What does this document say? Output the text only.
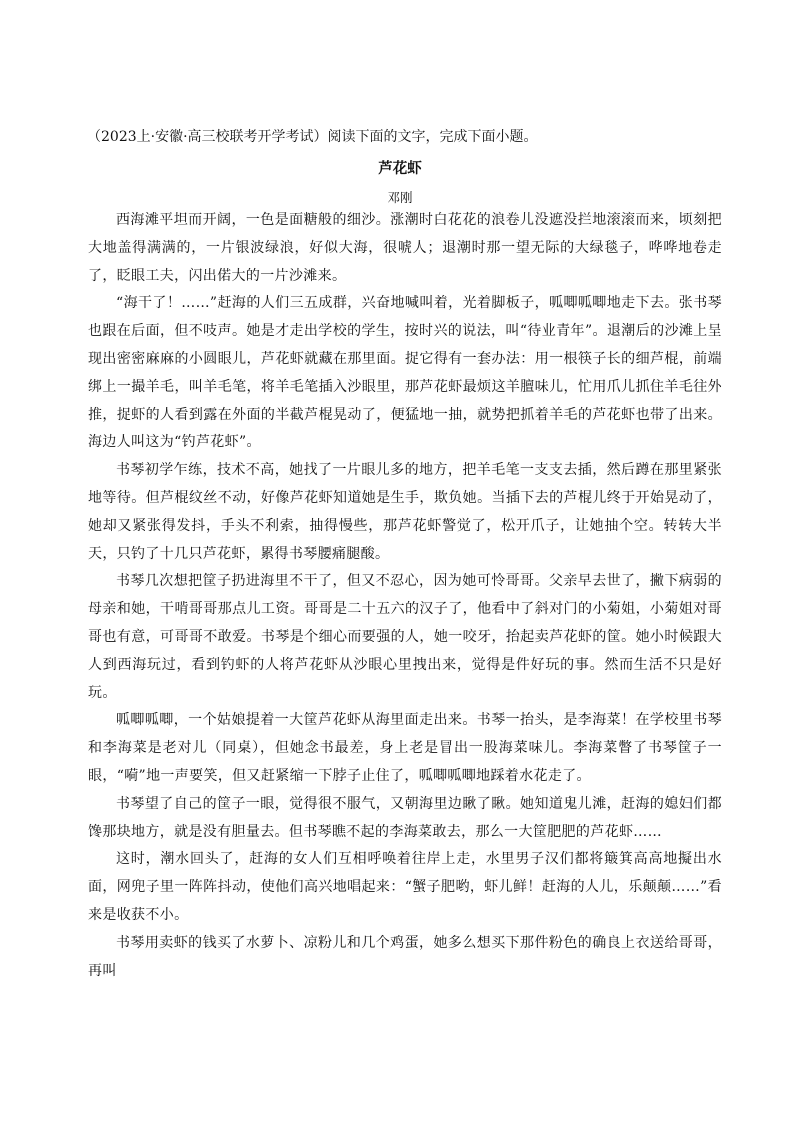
（2023上·安徽·高三校联考开学考试）阅读下面的文字，完成下面小题。
芦花虾
邓刚

西海滩平坦而开阔，一色是面糖般的细沙。涨潮时白花花的浪卷儿没遮没拦地滚滚而来，顷刻把大地盖得满满的，一片银波绿浪，好似大海，很唬人；退潮时那一望无际的大绿毯子，哗哗地卷走了，眨眼工夫，闪出偌大的一片沙滩来。

“海干了！……”赶海的人们三五成群，兴奋地喊叫着，光着脚板子，呱唧呱唧地走下去。张书琴也跟在后面，但不吱声。她是才走出学校的学生，按时兴的说法，叫“待业青年”。退潮后的沙滩上呈现出密密麻麻的小圆眼儿，芦花虾就藏在那里面。捉它得有一套办法：用一根筷子长的细芦棍，前端绑上一撮羊毛，叫羊毛笔，将羊毛笔插入沙眼里，那芦花虾最烦这羊膻味儿，忙用爪儿抓住羊毛往外推，捉虾的人看到露在外面的半截芦棍晃动了，便猛地一抽，就势把抓着羊毛的芦花虾也带了出来。海边人叫这为“钓芦花虾”。

书琴初学乍练，技术不高，她找了一片眼儿多的地方，把羊毛笔一支支去插，然后蹲在那里紧张地等待。但芦棍纹丝不动，好像芦花虾知道她是生手，欺负她。当插下去的芦棍儿终于开始晃动了，她却又紧张得发抖，手头不利索，抽得慢些，那芦花虾警觉了，松开爪子，让她抽个空。转转大半天，只钓了十几只芦花虾，累得书琴腰痛腿酸。

书琴几次想把筐子扔进海里不干了，但又不忍心，因为她可怜哥哥。父亲早去世了，撇下病弱的母亲和她，干啃哥哥那点儿工资。哥哥是二十五六的汉子了，他看中了斜对门的小菊姐，小菊姐对哥哥也有意，可哥哥不敢爱。书琴是个细心而要强的人，她一咬牙，抬起卖芦花虾的筐。她小时候跟大人到西海玩过，看到钓虾的人将芦花虾从沙眼心里拽出来，觉得是件好玩的事。然而生活不只是好玩。

呱唧呱唧，一个姑娘提着一大筐芦花虾从海里面走出来。书琴一抬头，是李海菜！在学校里书琴和李海菜是老对儿（同桌），但她念书最差，身上老是冒出一股海菜味儿。李海菜瞥了书琴筐子一眼，“嗬”地一声要笑，但又赶紧缩一下脖子止住了，呱唧呱唧地踩着水花走了。

书琴望了自己的筐子一眼，觉得很不服气，又朝海里边瞅了瞅。她知道鬼儿滩，赶海的媳妇们都馋那块地方，就是没有胆量去。但书琴瞧不起的李海菜敢去，那么一大筐肥肥的芦花虾……

这时，潮水回头了，赶海的女人们互相呼唤着往岸上走，水里男子汉们都将簸箕高高地擬出水面，网兜子里一阵阵抖动，使他们高兴地唱起来：“蟹子肥哟，虾儿鲜！赶海的人儿，乐颠颠……”看来是收获不小。

书琴用卖虾的钱买了水萝卜、凉粉儿和几个鸡蛋，她多么想买下那件粉色的确良上衣送给哥哥，再叫
